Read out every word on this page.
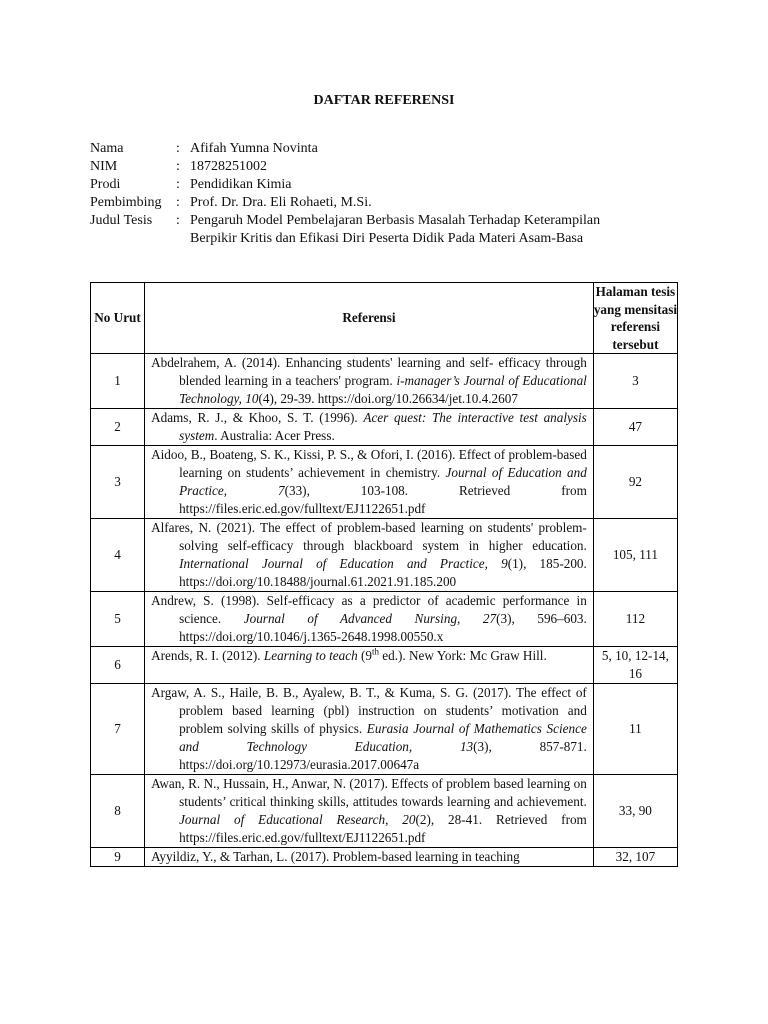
DAFTAR REFERENSI
Nama	: Afifah Yumna Novinta
NIM	: 18728251002
Prodi	: Pendidikan Kimia
Pembimbing	: Prof. Dr. Dra. Eli Rohaeti, M.Si.
Judul Tesis	: Pengaruh Model Pembelajaran Berbasis Masalah Terhadap Keterampilan Berpikir Kritis dan Efikasi Diri Peserta Didik Pada Materi Asam-Basa
No Urut	Referensi	Halaman tesis yang mensitasi referensi tersebut
1	Abdelrahem, A. (2014). Enhancing students' learning and self- efficacy through blended learning in a teachers' program. i-manager’s Journal of Educational Technology, 10(4), 29-39. https://doi.org/10.26634/jet.10.4.2607	3
2	Adams, R. J., & Khoo, S. T. (1996). Acer quest: The interactive test analysis system. Australia: Acer Press.	47
3	Aidoo, B., Boateng, S. K., Kissi, P. S., & Ofori, I. (2016). Effect of problem-based learning on students’ achievement in chemistry. Journal of Education and Practice, 7(33), 103-108. Retrieved from https://files.eric.ed.gov/fulltext/EJ1122651.pdf	92
4	Alfares, N. (2021). The effect of problem-based learning on students' problem-solving self-efficacy through blackboard system in higher education. International Journal of Education and Practice, 9(1), 185-200. https://doi.org/10.18488/journal.61.2021.91.185.200	105, 111
5	Andrew, S. (1998). Self-efficacy as a predictor of academic performance in science. Journal of Advanced Nursing, 27(3), 596–603. https://doi.org/10.1046/j.1365-2648.1998.00550.x	112
6	Arends, R. I. (2012). Learning to teach (9th ed.). New York: Mc Graw Hill.	5, 10, 12-14, 16
7	Argaw, A. S., Haile, B. B., Ayalew, B. T., & Kuma, S. G. (2017). The effect of problem based learning (pbl) instruction on students’ motivation and problem solving skills of physics. Eurasia Journal of Mathematics Science and Technology Education, 13(3), 857-871. https://doi.org/10.12973/eurasia.2017.00647a	11
8	Awan, R. N., Hussain, H., Anwar, N. (2017). Effects of problem based learning on students’ critical thinking skills, attitudes towards learning and achievement. Journal of Educational Research, 20(2), 28-41. Retrieved from https://files.eric.ed.gov/fulltext/EJ1122651.pdf	33, 90
9	Ayyildiz, Y., & Tarhan, L. (2017). Problem-based learning in teaching	32, 107
